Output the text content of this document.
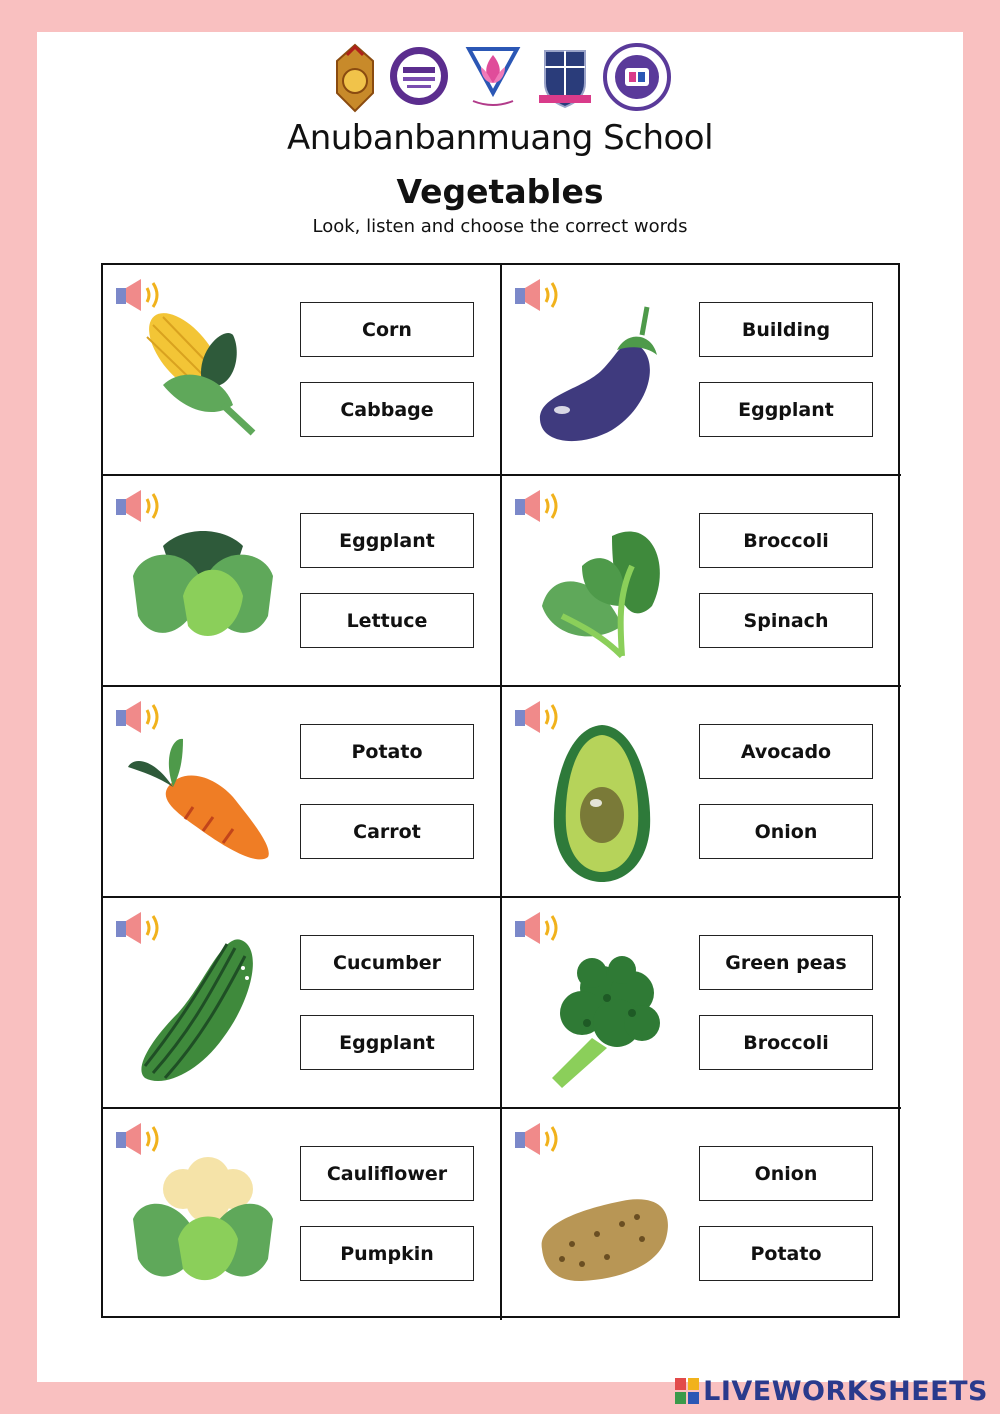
Anubanbanmuang School
Vegetables
Look, listen and choose the correct words
Corn
Cabbage
Building
Eggplant
Eggplant
Lettuce
Broccoli
Spinach
Potato
Carrot
Avocado
Onion
Cucumber
Eggplant
Green peas
Broccoli
Cauliflower
Pumpkin
Onion
Potato
LIVEWORKSHEETS
